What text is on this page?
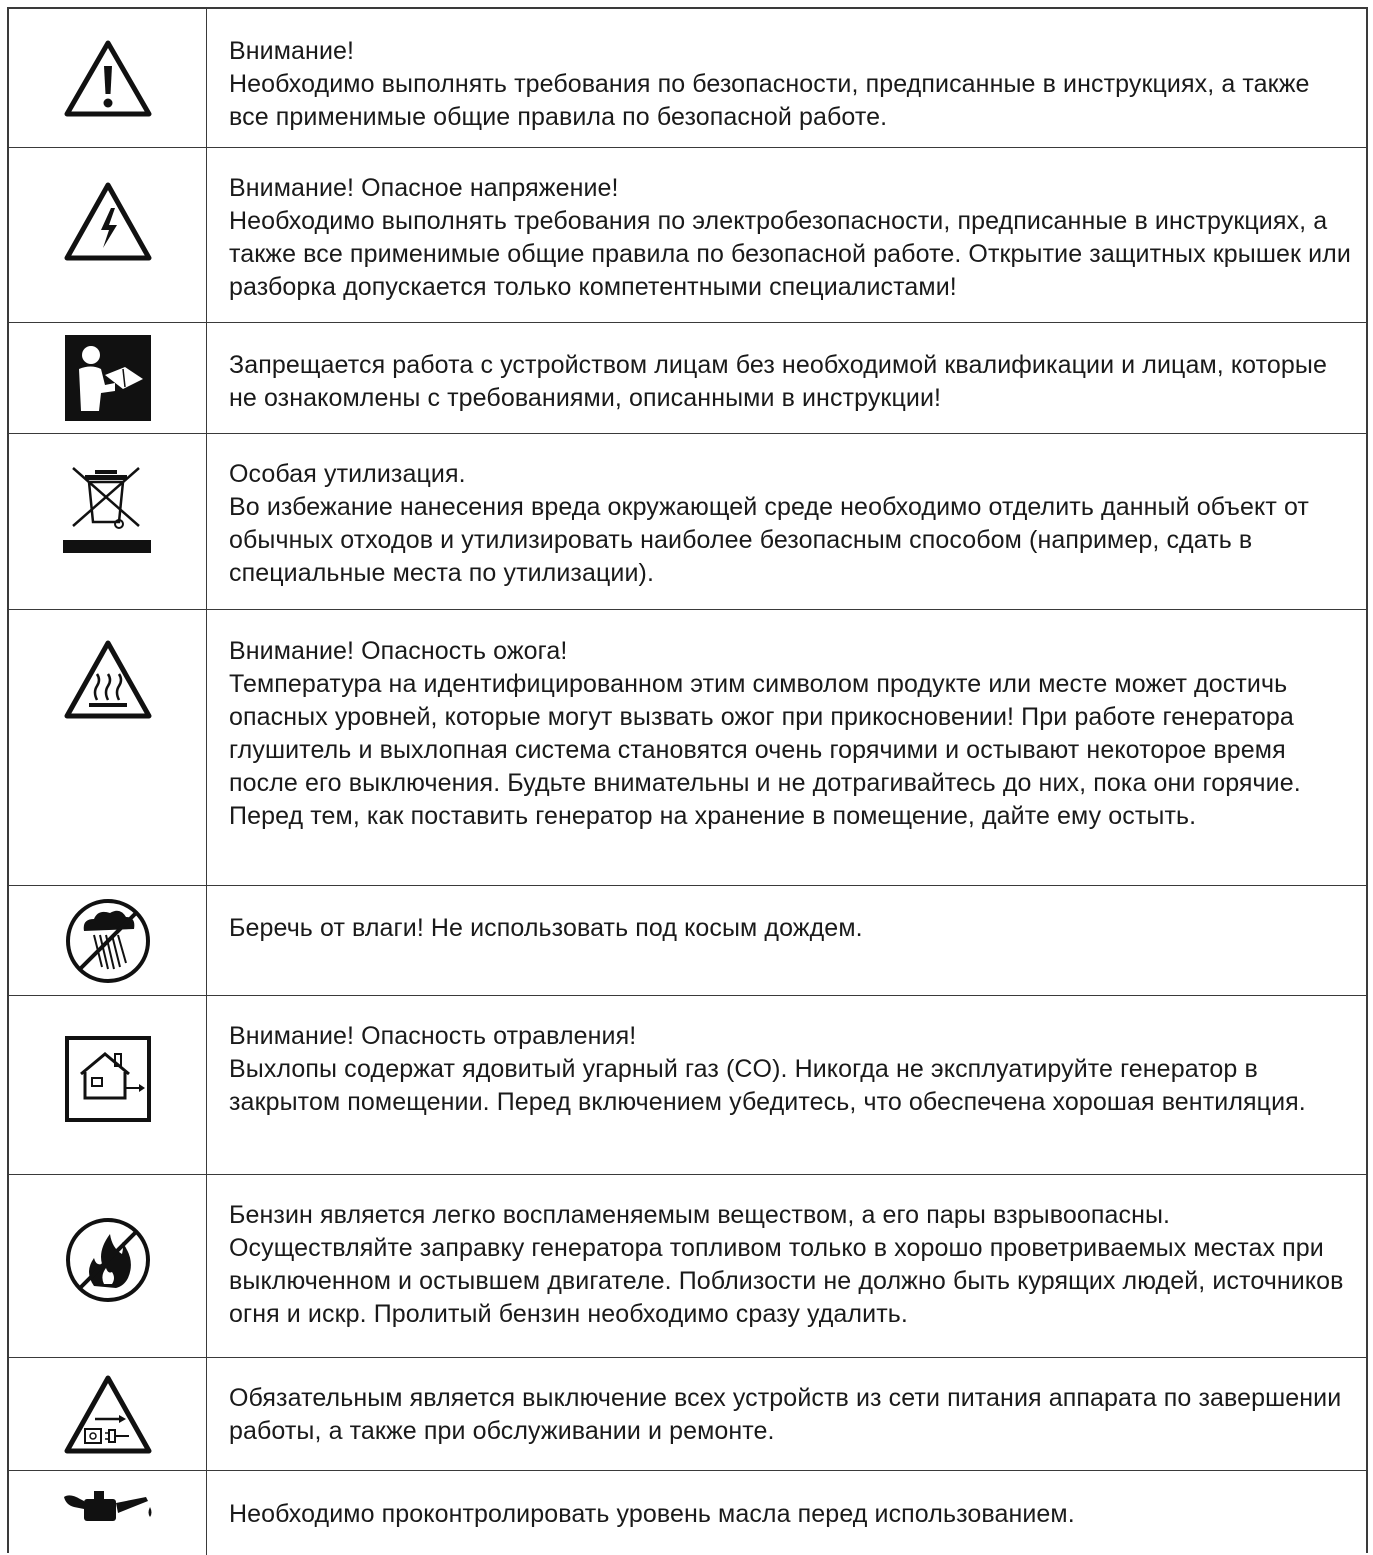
Внимание!

Необходимо выполнять требования по безопасности, предписанные в инструкциях, а также все применимые общие правила по безопасной работе.

Внимание! Опасное напряжение!

Необходимо выполнять требования по электробезопасности, предписанные в инструкциях, а также все применимые общие правила по безопасной работе. Открытие защитных крышек или разборка допускается только компетентными специалистами!

Запрещается работа с устройством лицам без необходимой квалификации и лицам, которые не ознакомлены с требованиями, описанными в инструкции!

Особая утилизация.

Во избежание нанесения вреда окружающей среде необходимо отделить данный объект от обычных отходов и утилизировать наиболее безопасным способом (например, сдать в специальные места по утилизации).

Внимание! Опасность ожога!

Температура на идентифицированном этим символом продукте или месте может достичь опасных уровней, которые могут вызвать ожог при прикосновении! При работе генератора глушитель и выхлопная система становятся очень горячими и остывают некоторое время после его выключения. Будьте внимательны и не дотрагивайтесь до них, пока они горячие. Перед тем, как поставить генератор на хранение в помещение, дайте ему остыть.

Беречь от влаги! Не использовать под косым дождем.

Внимание! Опасность отравления!

Выхлопы содержат ядовитый угарный газ (CO). Никогда не эксплуатируйте генератор в закрытом помещении. Перед включением убедитесь, что обеспечена хорошая вентиляция.

Бензин является легко воспламеняемым веществом, а его пары взрывоопасны. Осуществляйте заправку генератора топливом только в хорошо проветриваемых местах при выключенном и остывшем двигателе. Поблизости не должно быть курящих людей, источников огня и искр. Пролитый бензин необходимо сразу удалить.

Обязательным является выключение всех устройств из сети питания аппарата по завершении работы, а также при обслуживании и ремонте.

Необходимо проконтролировать уровень масла перед использованием.
